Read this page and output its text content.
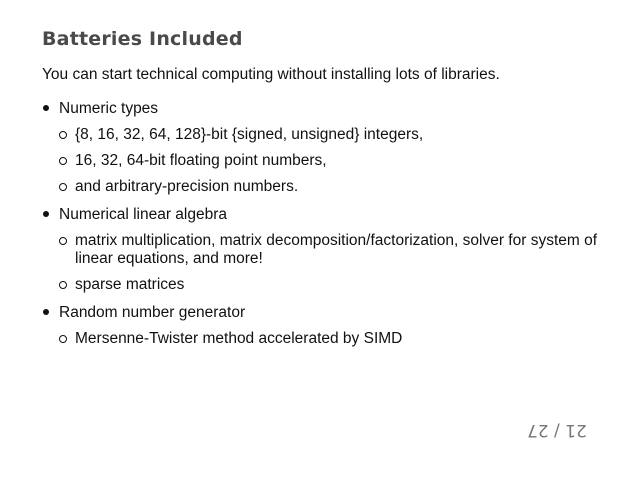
Batteries Included

You can start technical computing without installing lots of libraries.

Numeric types
{8, 16, 32, 64, 128}-bit {signed, unsigned} integers,
16, 32, 64-bit floating point numbers,
and arbitrary-precision numbers.
Numerical linear algebra
matrix multiplication, matrix decomposition/factorization, solver for system of linear equations, and more!
sparse matrices
Random number generator
Mersenne-Twister method accelerated by SIMD
21 / 27
